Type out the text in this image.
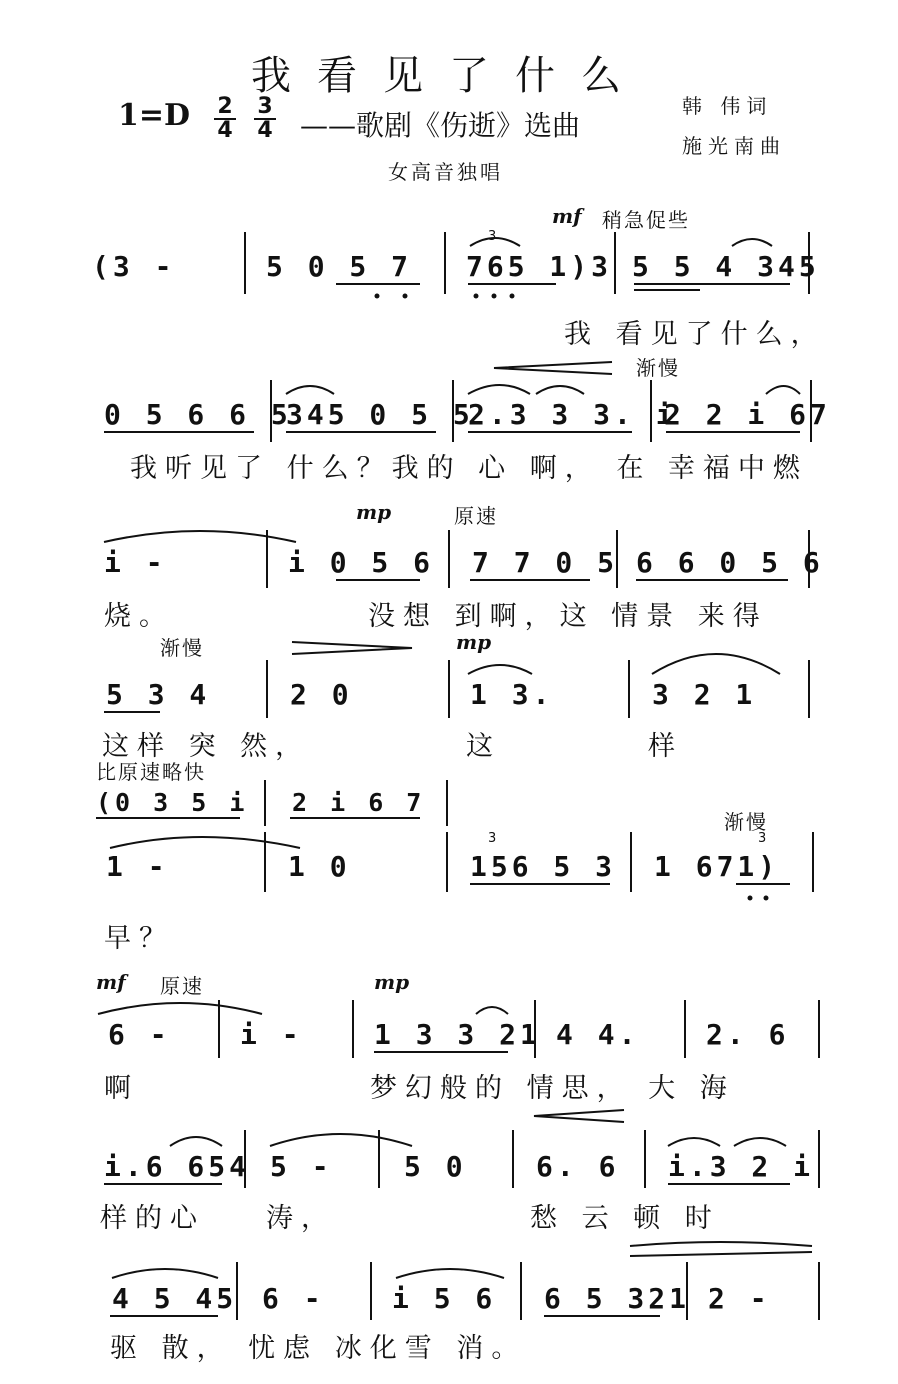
我看见了什么
1=D 2
4
3
4 ——歌剧《伤逝》选曲
韩 伟词
施光南曲
女高音独唱
mf 稍急促些
渐慢
mp	原速
渐慢	mp
比原速略快
渐慢
mf 原速	mp
(3 -	5 0 5 7 765 1)3 5 5 4 345
我 看见了什么，
0 5 6 6 5
345 0 5 5
2.3 3 3. i
2 2 i 67
我听见了 什么？我的 心 啊， 在 幸福中燃
i -	i 0 5 6 7 7 0 5 6 6 0 5 6
烧。	没想 到啊，这 情景 来得
5 3 4	2 0	1 3.	3 2 1
这样 突 然，	这	样
(0 3 5 i 2 i 6 7
1 -	1 0	156 5 3 1 671)
早？
6 - i -	1 3 3 21 4 4. 2. 6
啊	梦幻般的 情思， 大 海
i.6 654 5 -	5 0 6. 6 i.3 2 i
样的心 涛，	愁 云 顿 时
4 5 45 6 - i 5 6 6 5 321 2 -
驱 散， 忧虑 冰化雪 消。
3
3	3
